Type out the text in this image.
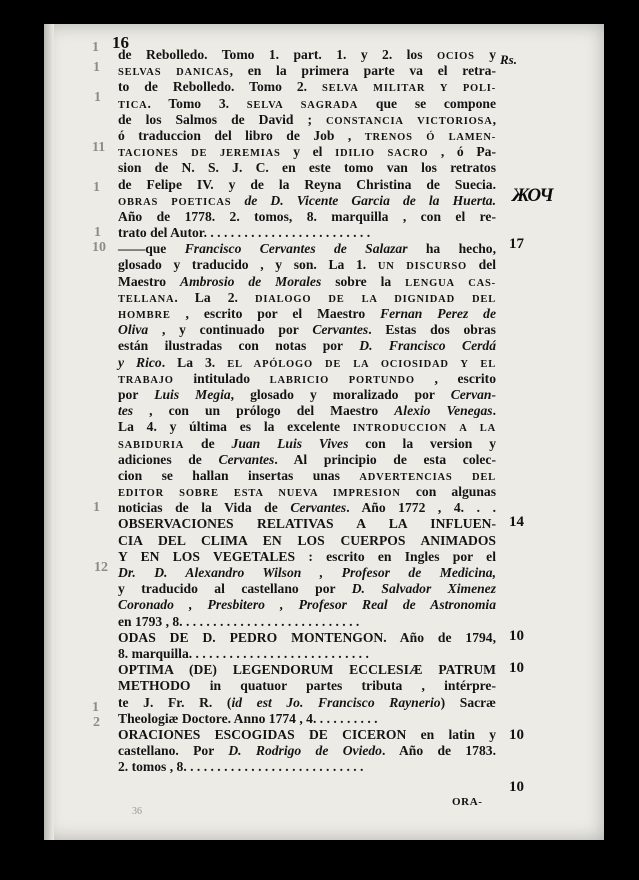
16
Rs.
ЖОЧ
de Rebolledo. Tomo 1. part. 1. y 2. los OCIOS y
SELVAS DANICAS, en la primera parte va el retra-
to de Rebolledo. Tomo 2. SELVA MILITAR Y POLI-
TICA. Tomo 3. SELVA SAGRADA que se compone
de los Salmos de David ; CONSTANCIA VICTORIOSA,
ó traduccion del libro de Job , TRENOS Ó LAMEN-
TACIONES DE JEREMIAS y el IDILIO SACRO , ó Pa-
sion de N. S. J. C. en este tomo van los retratos
de Felipe IV. y de la Reyna Christina de Suecia.
OBRAS POETICAS de D. Vicente Garcia de la Huerta.
Año de 1778. 2. tomos, 8. marquilla , con el re-
trato del Autor. . . . . . . . . . . . . . . . . . . . . . . . .
——que Francisco Cervantes de Salazar ha hecho,
glosado y traducido , y son. La 1. UN DISCURSO del
Maestro Ambrosio de Morales sobre la LENGUA CAS-
TELLANA. La 2. DIALOGO DE LA DIGNIDAD DEL
HOMBRE , escrito por el Maestro Fernan Perez de
Oliva , y continuado por Cervantes. Estas dos obras
están ilustradas con notas por D. Francisco Cerdá
y Rico. La 3. EL APÓLOGO DE LA OCIOSIDAD Y EL
TRABAJO intitulado LABRICIO PORTUNDO , escrito
por Luis Megia, glosado y moralizado por Cervan-
tes , con un prólogo del Maestro Alexio Venegas.
La 4. y última es la excelente INTRODUCCION A LA
SABIDURIA de Juan Luis Vives con la version y
adiciones de Cervantes. Al principio de esta colec-
cion se hallan insertas unas ADVERTENCIAS DEL
EDITOR SOBRE ESTA NUEVA IMPRESION con algunas
noticias de la Vida de Cervantes. Año 1772 , 4. . .
OBSERVACIONES RELATIVAS A LA INFLUEN-
CIA DEL CLIMA EN LOS CUERPOS ANIMADOS
Y EN LOS VEGETALES : escrito en Ingles por el
Dr. D. Alexandro Wilson , Profesor de Medicina,
y traducido al castellano por D. Salvador Ximenez
Coronado , Presbitero , Profesor Real de Astronomia
en 1793 , 8. . . . . . . . . . . . . . . . . . . . . . . . . . .
ODAS DE D. PEDRO MONTENGON. Año de 1794,
8. marquilla. . . . . . . . . . . . . . . . . . . . . . . . . . .
OPTIMA (DE) LEGENDORUM ECCLESIÆ PATRUM
METHODO in quatuor partes tributa , intérpre-
te J. Fr. R. (id est Jo. Francisco Raynerio) Sacræ
Theologiæ Doctore. Anno 1774 , 4. . . . . . . . . .
ORACIONES ESCOGIDAS DE CICERON en latin y
castellano. Por D. Rodrigo de Oviedo. Año de 1783.
2. tomos , 8. . . . . . . . . . . . . . . . . . . . . . . . . . .
17
14
10
10
10
10
1
1
1
11
1
1
10
1
12
1
2
ORA-
36
